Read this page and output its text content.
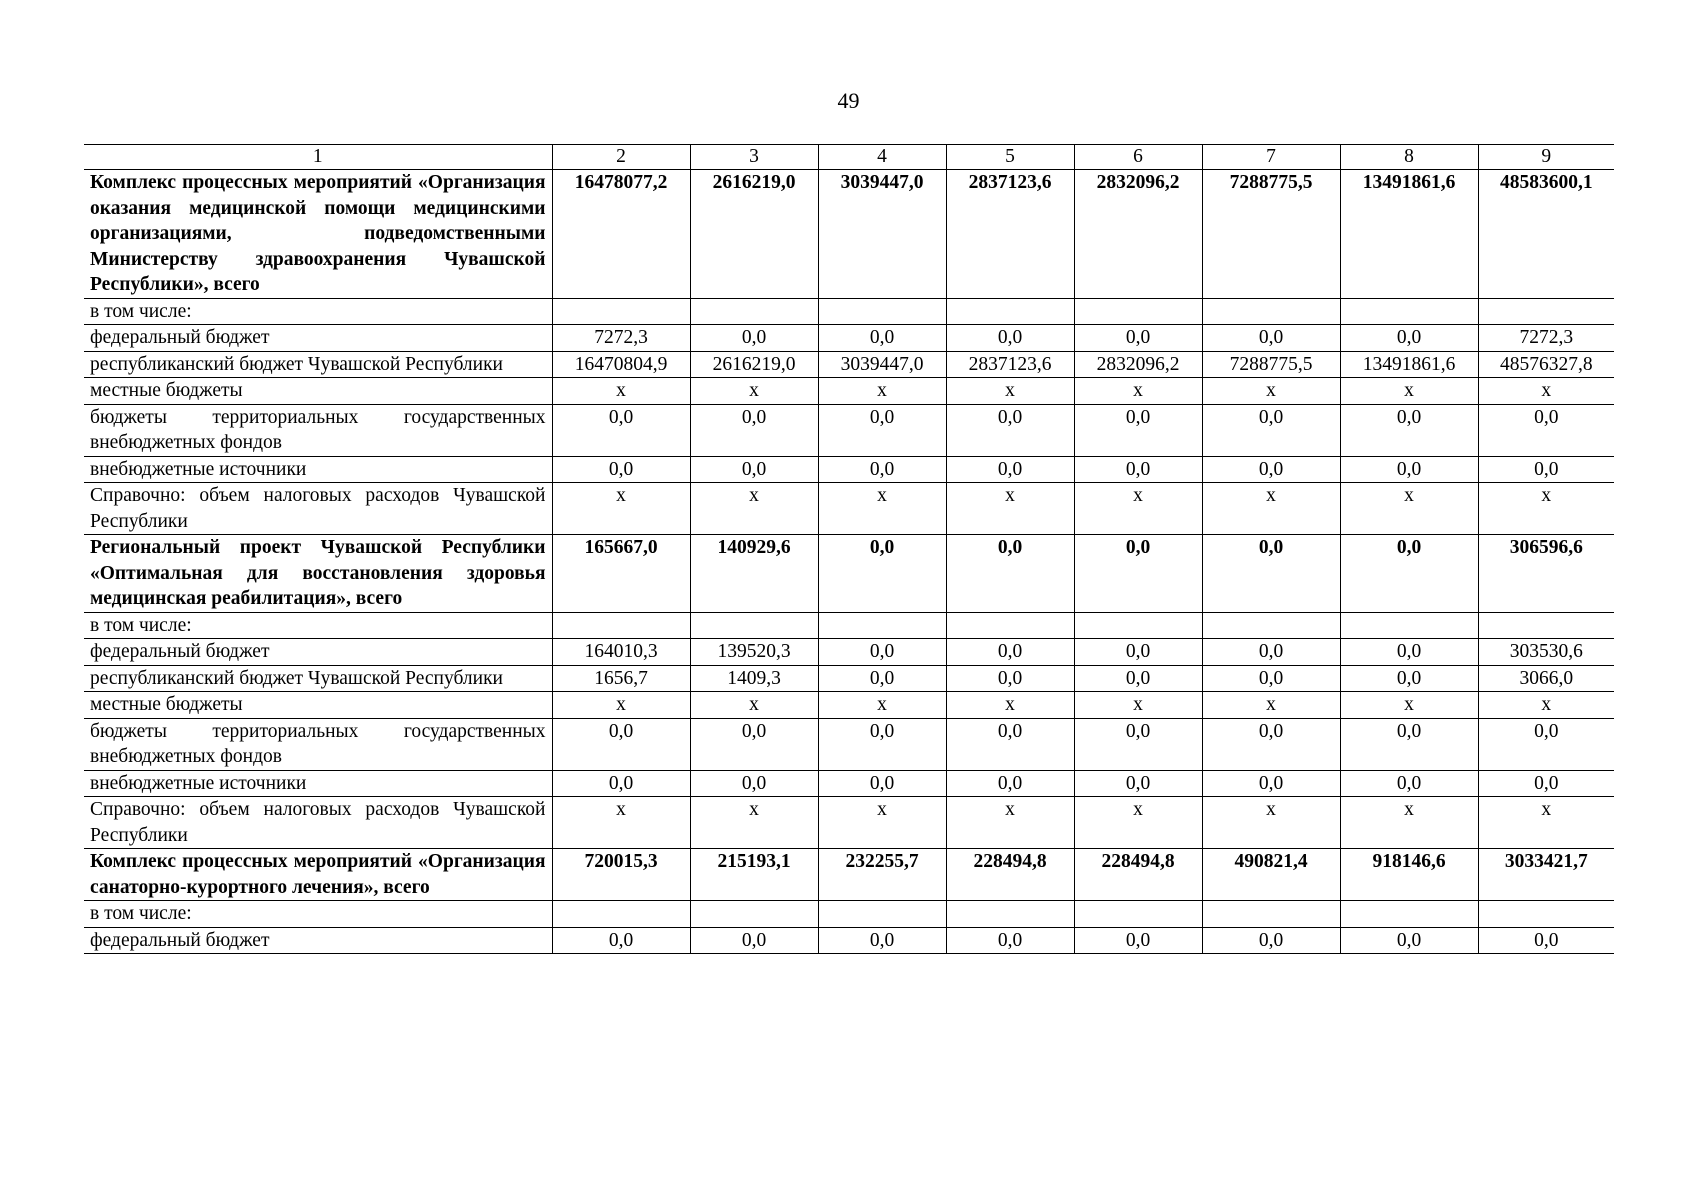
49
1	2	3	4	5	6	7	8	9
Комплекс процессных мероприятий «Организация оказания медицинской помощи медицинскими организациями, подведомственными Министерству здравоохранения Чувашской Республики», всего	16478077,2	2616219,0	3039447,0	2837123,6	2832096,2	7288775,5	13491861,6	48583600,1
в том числе:								
федеральный бюджет	7272,3	0,0	0,0	0,0	0,0	0,0	0,0	7272,3
республиканский бюджет Чувашской Республики	16470804,9	2616219,0	3039447,0	2837123,6	2832096,2	7288775,5	13491861,6	48576327,8
местные бюджеты	x	x	x	x	x	x	x	x
бюджеты территориальных государственных внебюджетных фондов	0,0	0,0	0,0	0,0	0,0	0,0	0,0	0,0
внебюджетные источники	0,0	0,0	0,0	0,0	0,0	0,0	0,0	0,0
Справочно: объем налоговых расходов Чувашской Республики	x	x	x	x	x	x	x	x
Региональный проект Чувашской Республики «Оптимальная для восстановления здоровья медицинская реабилитация», всего	165667,0	140929,6	0,0	0,0	0,0	0,0	0,0	306596,6
в том числе:								
федеральный бюджет	164010,3	139520,3	0,0	0,0	0,0	0,0	0,0	303530,6
республиканский бюджет Чувашской Республики	1656,7	1409,3	0,0	0,0	0,0	0,0	0,0	3066,0
местные бюджеты	x	x	x	x	x	x	x	x
бюджеты территориальных государственных внебюджетных фондов	0,0	0,0	0,0	0,0	0,0	0,0	0,0	0,0
внебюджетные источники	0,0	0,0	0,0	0,0	0,0	0,0	0,0	0,0
Справочно: объем налоговых расходов Чувашской Республики	x	x	x	x	x	x	x	x
Комплекс процессных мероприятий «Организация санаторно-курортного лечения», всего	720015,3	215193,1	232255,7	228494,8	228494,8	490821,4	918146,6	3033421,7
в том числе:								
федеральный бюджет	0,0	0,0	0,0	0,0	0,0	0,0	0,0	0,0
